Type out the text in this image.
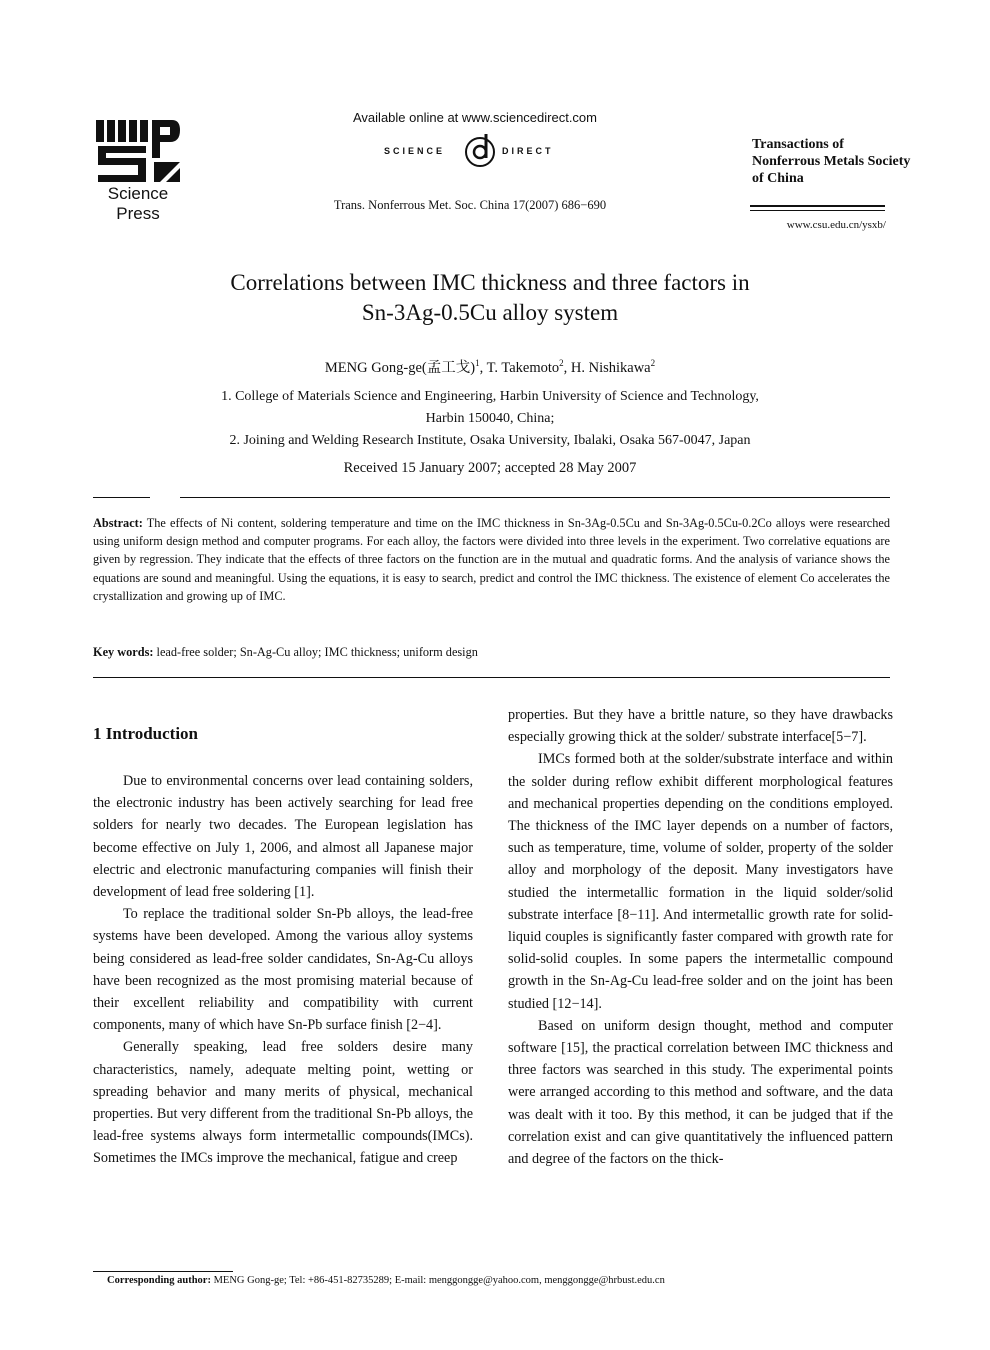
Science Press
Available online at www.sciencedirect.com
SCIENCE	DIRECT
Trans. Nonferrous Met. Soc. China 17(2007) 686−690
Transactions of Nonferrous Metals Society of China
www.csu.edu.cn/ysxb/
Correlations between IMC thickness and three factors in
Sn-3Ag-0.5Cu alloy system
MENG Gong-ge(孟工戈)$^1$, T. Takemoto$^2$, H. Nishikawa$^2$
1. College of Materials Science and Engineering, Harbin University of Science and Technology,
Harbin 150040, China;
2. Joining and Welding Research Institute, Osaka University, Ibalaki, Osaka 567-0047, Japan
Received 15 January 2007; accepted 28 May 2007
Abstract: The effects of Ni content, soldering temperature and time on the IMC thickness in Sn-3Ag-0.5Cu and Sn-3Ag-0.5Cu-0.2Co alloys were researched using uniform design method and computer programs. For each alloy, the factors were divided into three levels in the experiment. Two correlative equations are given by regression. They indicate that the effects of three factors on the function are in the mutual and quadratic forms. And the analysis of variance shows the equations are sound and meaningful. Using the equations, it is easy to search, predict and control the IMC thickness. The existence of element Co accelerates the crystallization and growing up of IMC.
Key words: lead-free solder; Sn-Ag-Cu alloy; IMC thickness; uniform design
1 Introduction

Due to environmental concerns over lead containing solders, the electronic industry has been actively searching for lead free solders for nearly two decades. The European legislation has become effective on July 1, 2006, and almost all Japanese major electric and electronic manufacturing companies will finish their development of lead free soldering [1].

To replace the traditional solder Sn-Pb alloys, the lead-free systems have been developed. Among the various alloy systems being considered as lead-free solder candidates, Sn-Ag-Cu alloys have been recognized as the most promising material because of their excellent reliability and compatibility with current components, many of which have Sn-Pb surface finish [2−4].

Generally speaking, lead free solders desire many characteristics, namely, adequate melting point, wetting or spreading behavior and many merits of physical, mechanical properties. But very different from the traditional Sn-Pb alloys, the lead-free systems always form intermetallic compounds(IMCs). Sometimes the IMCs improve the mechanical, fatigue and creep

properties. But they have a brittle nature, so they have drawbacks especially growing thick at the solder/ substrate interface[5−7].

IMCs formed both at the solder/substrate interface and within the solder during reflow exhibit different morphological features and mechanical properties depending on the conditions employed. The thickness of the IMC layer depends on a number of factors, such as temperature, time, volume of solder, property of the solder alloy and morphology of the deposit. Many investigators have studied the intermetallic formation in the liquid solder/solid substrate interface [8−11]. And intermetallic growth rate for solid-liquid couples is significantly faster compared with growth rate for solid-solid couples. In some papers the intermetallic compound growth in the Sn-Ag-Cu lead-free solder and on the joint has been studied [12−14].

Based on uniform design thought, method and computer software [15], the practical correlation between IMC thickness and three factors was searched in this study. The experimental points were arranged according to this method and software, and the data was dealt with it too. By this method, it can be judged that if the correlation exist and can give quantitatively the influenced pattern and degree of the factors on the thick-

Corresponding author: MENG Gong-ge; Tel: +86-451-82735289; E-mail: menggongge@yahoo.com, menggongge@hrbust.edu.cn
